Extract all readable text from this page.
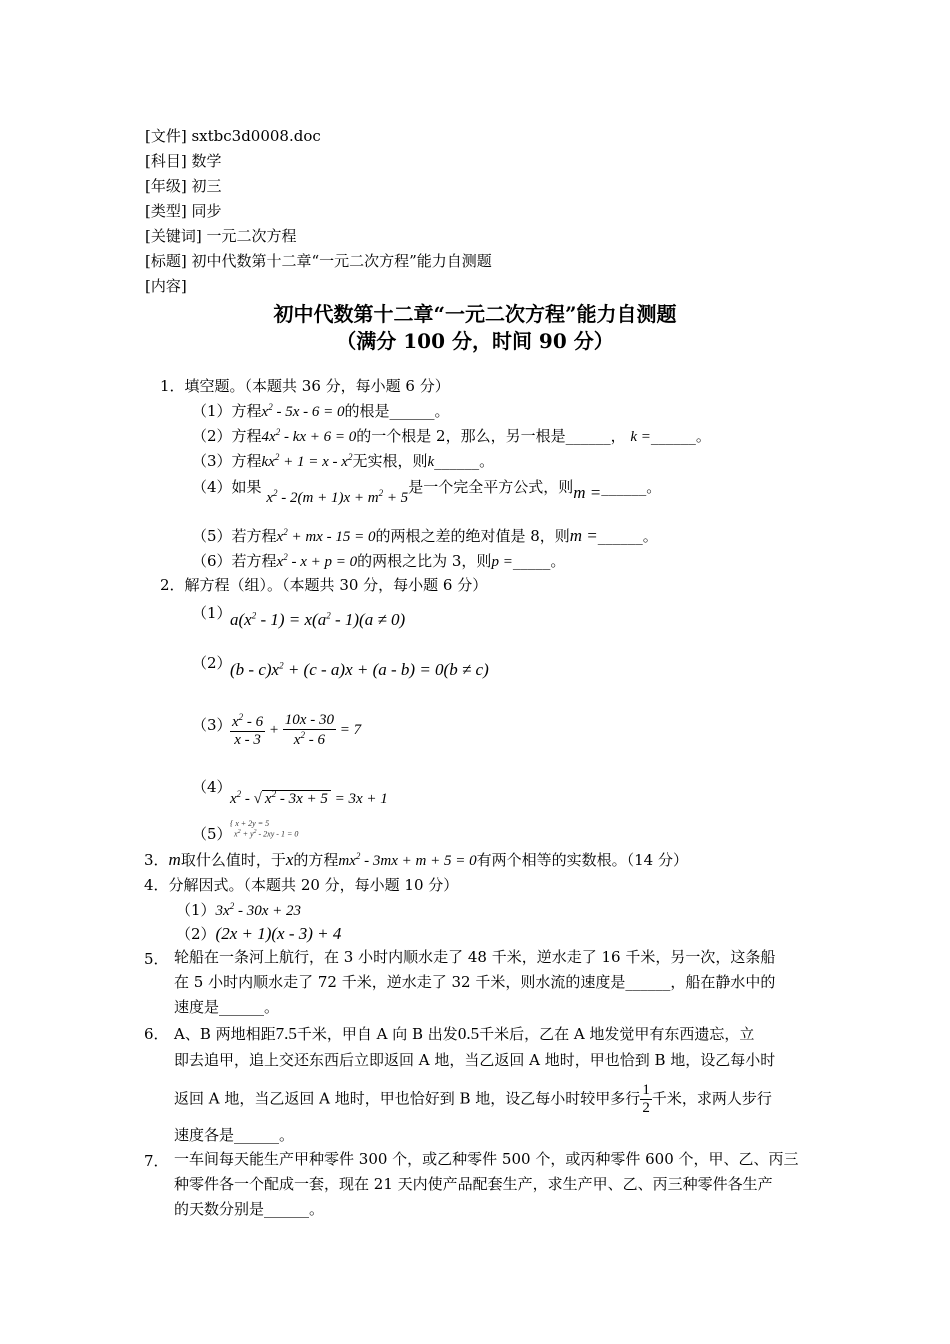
[文件] sxtbc3d0008.doc
[科目] 数学
[年级] 初三
[类型] 同步
[关键词] 一元二次方程
[标题] 初中代数第十二章“一元二次方程”能力自测题
[内容]
初中代数第十二章“一元二次方程”能力自测题
（满分 100 分，时间 90 分）
1．填空题。（本题共 36 分，每小题 6 分）
（1）方程$x^2 - 5x - 6 = 0$的根是______。
（2）方程$4x^2$ - kx + 6 = 0的一个根是 2，那么，另一根是______， k =______。
（3）方程$kx^2 + 1 = x - x^2$无实根，则k______。
（4）如果 $x^2 - 2(m + 1)x + m^2 + 5$是一个完全平方公式，则m =______。
（5）若方程$x^2$ + mx - 15 = 0的两根之差的绝对值是 8，则m =______。
（6）若方程$x^2 - x + p = 0$的两根之比为 3，则p =_____。
2．解方程（组）。（本题共 30 分，每小题 6 分）
（1）
$a(x^2 - 1) = x(a^2 - 1)(a \ne 0)$
（2）
$(b - c)x^2 + (c - a)x + (a - b) = 0(b \ne c)$
（3）
$\frac{x^2 - 6}{x - 3} + \frac{10x - 30}{x^2 - 6} = 7$
（4）
$x^2$ - √ $x^2 - 3x + 5 = 3x + 1$
（5）
{ x + 2y = 5
$x^2 + y^2 - 2xy - 1 = 0$
3．m取什么值时，于x的方程$mx^2 - 3mx + m + 5 = 0$有两个相等的实数根。（14 分）
4．分解因式。（本题共 20 分，每小题 10 分）
$(1)3x^2 - 30x + 23$
（2）(2x + 1)(x - 3) + 4
5． 轮船在一条河上航行，在 3 小时内顺水走了 48 千米，逆水走了 16 千米，另一次，这条船
在 5 小时内顺水走了 72 千米，逆水走了 32 千米，则水流的速度是______，船在静水中的
速度是______。
6． A、B 两地相距7.5千米，甲自 A 向 B 出发0.5千米后，乙在 A 地发觉甲有东西遗忘，立
即去追甲，追上交还东西后立即返回 A 地，当乙返回 A 地时，甲也恰到 B 地，设乙每小时
返回 A 地，当乙返回 A 地时，甲也恰好到 B 地，设乙每小时较甲多行 $\frac{1}{2}$ 千米，求两人步行
速度各是______。
7． 一车间每天能生产甲种零件 300 个，或乙种零件 500 个，或丙种零件 600 个，甲、乙、丙三
种零件各一个配成一套，现在 21 天内使产品配套生产，求生产甲、乙、丙三种零件各生产
的天数分别是______。
